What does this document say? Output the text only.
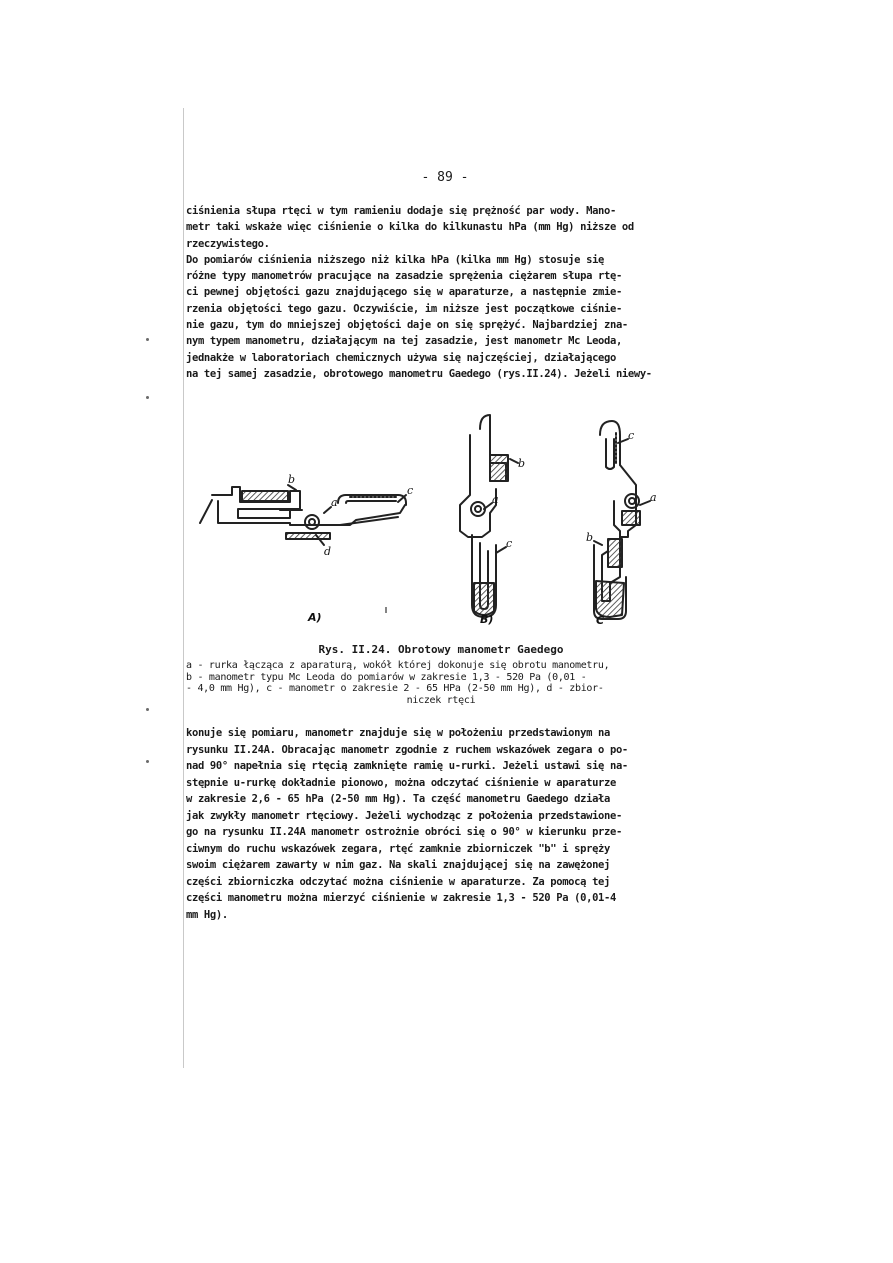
- 89 -
ciśnienia słupa rtęci w tym ramieniu dodaje się prężność par wody. Mano-
metr taki wskaże więc ciśnienie o kilka do kilkunastu hPa (mm Hg) niższe od
rzeczywistego.
Do pomiarów ciśnienia niższego niż kilka hPa (kilka mm Hg) stosuje się
różne typy manometrów pracujące na zasadzie sprężenia ciężarem słupa rtę-
ci pewnej objętości gazu znajdującego się w aparaturze, a następnie zmie-
rzenia objętości tego gazu. Oczywiście, im niższe jest początkowe ciśnie-
nie gazu, tym do mniejszej objętości daje on się sprężyć. Najbardziej zna-
nym typem manometru, działającym na tej zasadzie, jest manometr Mc Leoda,
jednakże w laboratoriach chemicznych używa się najczęściej, działającego
na tej samej zasadzie, obrotowego manometru Gaedego (rys.II.24). Jeżeli niewy-
b
a
c
d
b
a
c
c
a
b
A)	B)	C
Rys. II.24. Obrotowy manometr Gaedego
a - rurka łącząca z aparaturą, wokół której dokonuje się obrotu manometru,
b - manometr typu Mc Leoda do pomiarów w zakresie 1,3 - 520 Pa (0,01 -
- 4,0 mm Hg), c - manometr o zakresie 2 - 65 HPa (2-50 mm Hg), d - zbior-
niczek rtęci
konuje się pomiaru, manometr znajduje się w położeniu przedstawionym na
rysunku II.24A. Obracając manometr zgodnie z ruchem wskazówek zegara o po-
nad 90° napełnia się rtęcią zamknięte ramię u-rurki. Jeżeli ustawi się na-
stępnie u-rurkę dokładnie pionowo, można odczytać ciśnienie w aparaturze
w zakresie 2,6 - 65 hPa (2-50 mm Hg). Ta część manometru Gaedego działa
jak zwykły manometr rtęciowy. Jeżeli wychodząc z położenia przedstawione-
go na rysunku II.24A manometr ostrożnie obróci się o 90° w kierunku prze-
ciwnym do ruchu wskazówek zegara, rtęć zamknie zbiorniczek "b" i spręży
swoim ciężarem zawarty w nim gaz. Na skali znajdującej się na zawężonej
części zbiorniczka odczytać można ciśnienie w aparaturze. Za pomocą tej
części manometru można mierzyć ciśnienie w zakresie 1,3 - 520 Pa (0,01-4
mm Hg).
